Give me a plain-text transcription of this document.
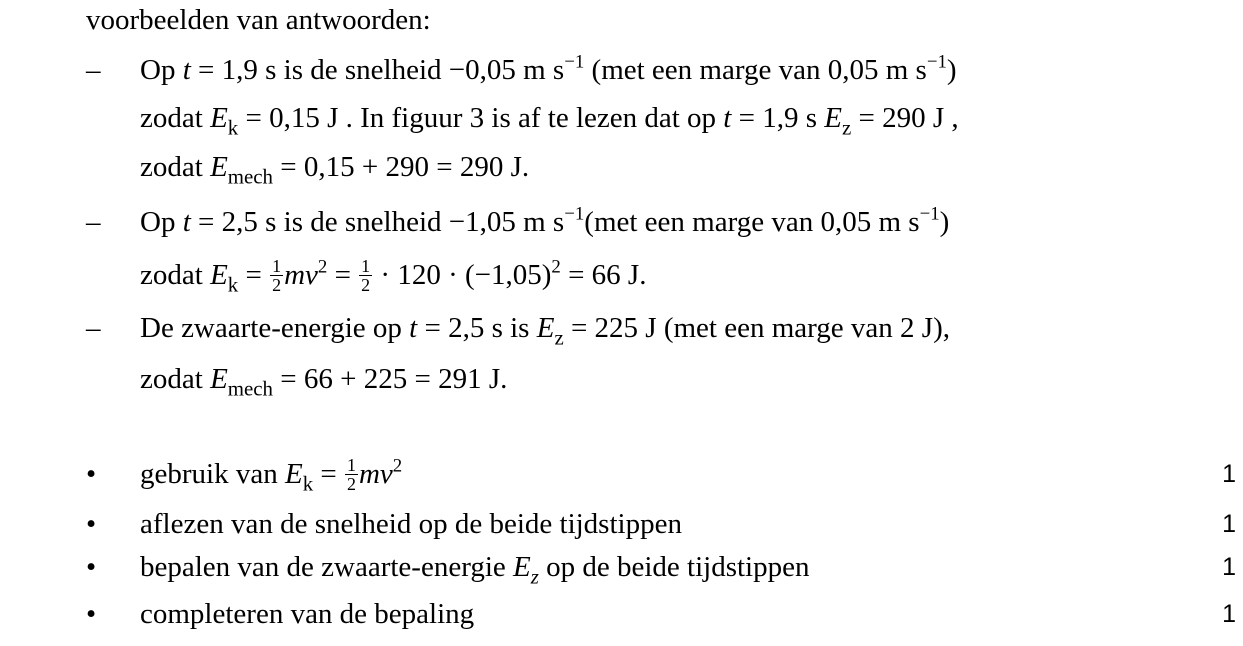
voorbeelden van antwoorden:
– Op t = 1,9 s is de snelheid −0,05 m $s^{-1}$ (met een marge van 0,05 m $s^{-1}$)
zodat $E_k = 0,15$ J . In figuur 3 is af te lezen dat op t = 1,9 s $E_z = 290$ J ,
zodat $E_{mech} = 0,15 + 290 = 290$ J.
– Op t = 2,5 s is de snelheid −1,05 m $s^{-1}(met$ een marge van 0,05 m $s^{-1}$)
zodat $E_k = \frac{1}{2} mv^2 = \frac{1}{2} \cdot 120 \cdot (-1,05)^2 = 66$ J.
– De zwaarte-energie op t = 2,5 s is $E_z = 225$ J (met een marge van 2 J),
zodat $E_{mech} = 66 + 225 = 291$ J.
• gebruik van $E_k = \frac{1}{2} mv^2$	1
• aflezen van de snelheid op de beide tijdstippen	1
• bepalen van de zwaarte-energie $E_z$ op de beide tijdstippen	1
• completeren van de bepaling	1
